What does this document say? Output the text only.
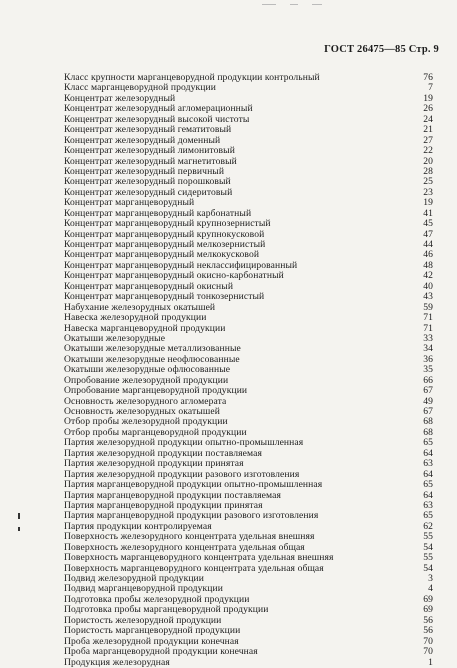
ГОСТ 26475—85 Стр. 9
Класс крупности марганцеворудной продукции контрольный	76
Класс марганцеворудной продукции	7
Концентрат железорудный	19
Концентрат железорудный агломерационный	26
Концентрат железорудный высокой чистоты	24
Концентрат железорудный гематитовый	21
Концентрат железорудный доменный	27
Концентрат железорудный лимонитовый	22
Концентрат железорудный магнетитовый	20
Концентрат железорудный первичный	28
Концентрат железорудный порошковый	25
Концентрат железорудный сидеритовый	23
Концентрат марганцеворудный	19
Концентрат марганцеворудный карбонатный	41
Концентрат марганцеворудный крупнозернистый	45
Концентрат марганцеворудный крупнокусковой	47
Концентрат марганцеворудный мелкозернистый	44
Концентрат марганцеворудный мелкокусковой	46
Концентрат марганцеворудный неклассифицированный	48
Концентрат марганцеворудный окисно-карбонатный	42
Концентрат марганцеворудный окисный	40
Концентрат марганцеворудный тонкозернистый	43
Набухание железорудных окатышей	59
Навеска железорудной продукции	71
Навеска марганцеворудной продукции	71
Окатыши железорудные	33
Окатыши железорудные металлизованные	34
Окатыши железорудные неофлюсованные	36
Окатыши железорудные офлюсованные	35
Опробование железорудной продукции	66
Опробование марганцеворудной продукции	67
Основность железорудного агломерата	49
Основность железорудных окатышей	67
Отбор пробы железорудной продукции	68
Отбор пробы марганцеворудной продукции	68
Партия железорудной продукции опытно-промышленная	65
Партия железорудной продукции поставляемая	64
Партия железорудной продукции принятая	63
Партия железорудной продукции разового изготовления	64
Партия марганцеворудной продукции опытно-промышленная	65
Партия марганцеворудной продукции поставляемая	64
Партия марганцеворудной продукции принятая	63
Партия марганцеворудной продукции разового изготовления	65
Партия продукции контролируемая	62
Поверхность железорудного концентрата удельная внешняя	55
Поверхность железорудного концентрата удельная общая	54
Поверхность марганцеворудного концентрата удельная внешняя	55
Поверхность марганцеворудного концентрата удельная общая	54
Подвид железорудной продукции	3
Подвид марганцеворудной продукции	4
Подготовка пробы железорудной продукции	69
Подготовка пробы марганцеворудной продукции	69
Пористость железорудной продукции	56
Пористость марганцеворудной продукции	56
Проба железорудной продукции конечная	70
Проба марганцеворудной продукции конечная	70
Продукция железорудная	1
